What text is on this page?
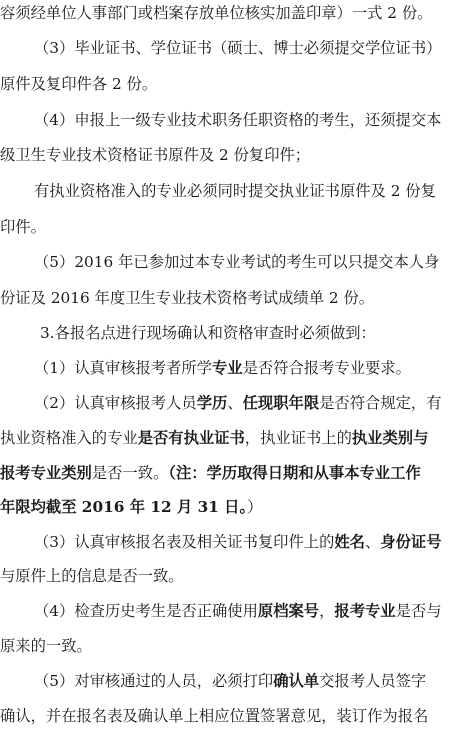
容须经单位人事部门或档案存放单位核实加盖印章）一式 2 份。
（3）毕业证书、学位证书（硕士、博士必须提交学位证书）
原件及复印件各 2 份。
（4）申报上一级专业技术职务任职资格的考生，还须提交本
级卫生专业技术资格证书原件及 2 份复印件；
有执业资格准入的专业必须同时提交执业证书原件及 2 份复
印件。
（5）2016 年已参加过本专业考试的考生可以只提交本人身
份证及 2016 年度卫生专业技术资格考试成绩单 2 份。
3.各报名点进行现场确认和资格审查时必须做到：
（1）认真审核报考者所学专业是否符合报考专业要求。
（2）认真审核报考人员学历、任现职年限是否符合规定，有
执业资格准入的专业是否有执业证书，执业证书上的执业类别与
报考专业类别是否一致。（注：学历取得日期和从事本专业工作
年限均截至 2016 年 12 月 31 日。）
（3）认真审核报名表及相关证书复印件上的姓名、身份证号
与原件上的信息是否一致。
（4）检查历史考生是否正确使用原档案号，报考专业是否与
原来的一致。
（5）对审核通过的人员，必须打印确认单交报考人员签字
确认，并在报名表及确认单上相应位置签署意见，装订作为报名
